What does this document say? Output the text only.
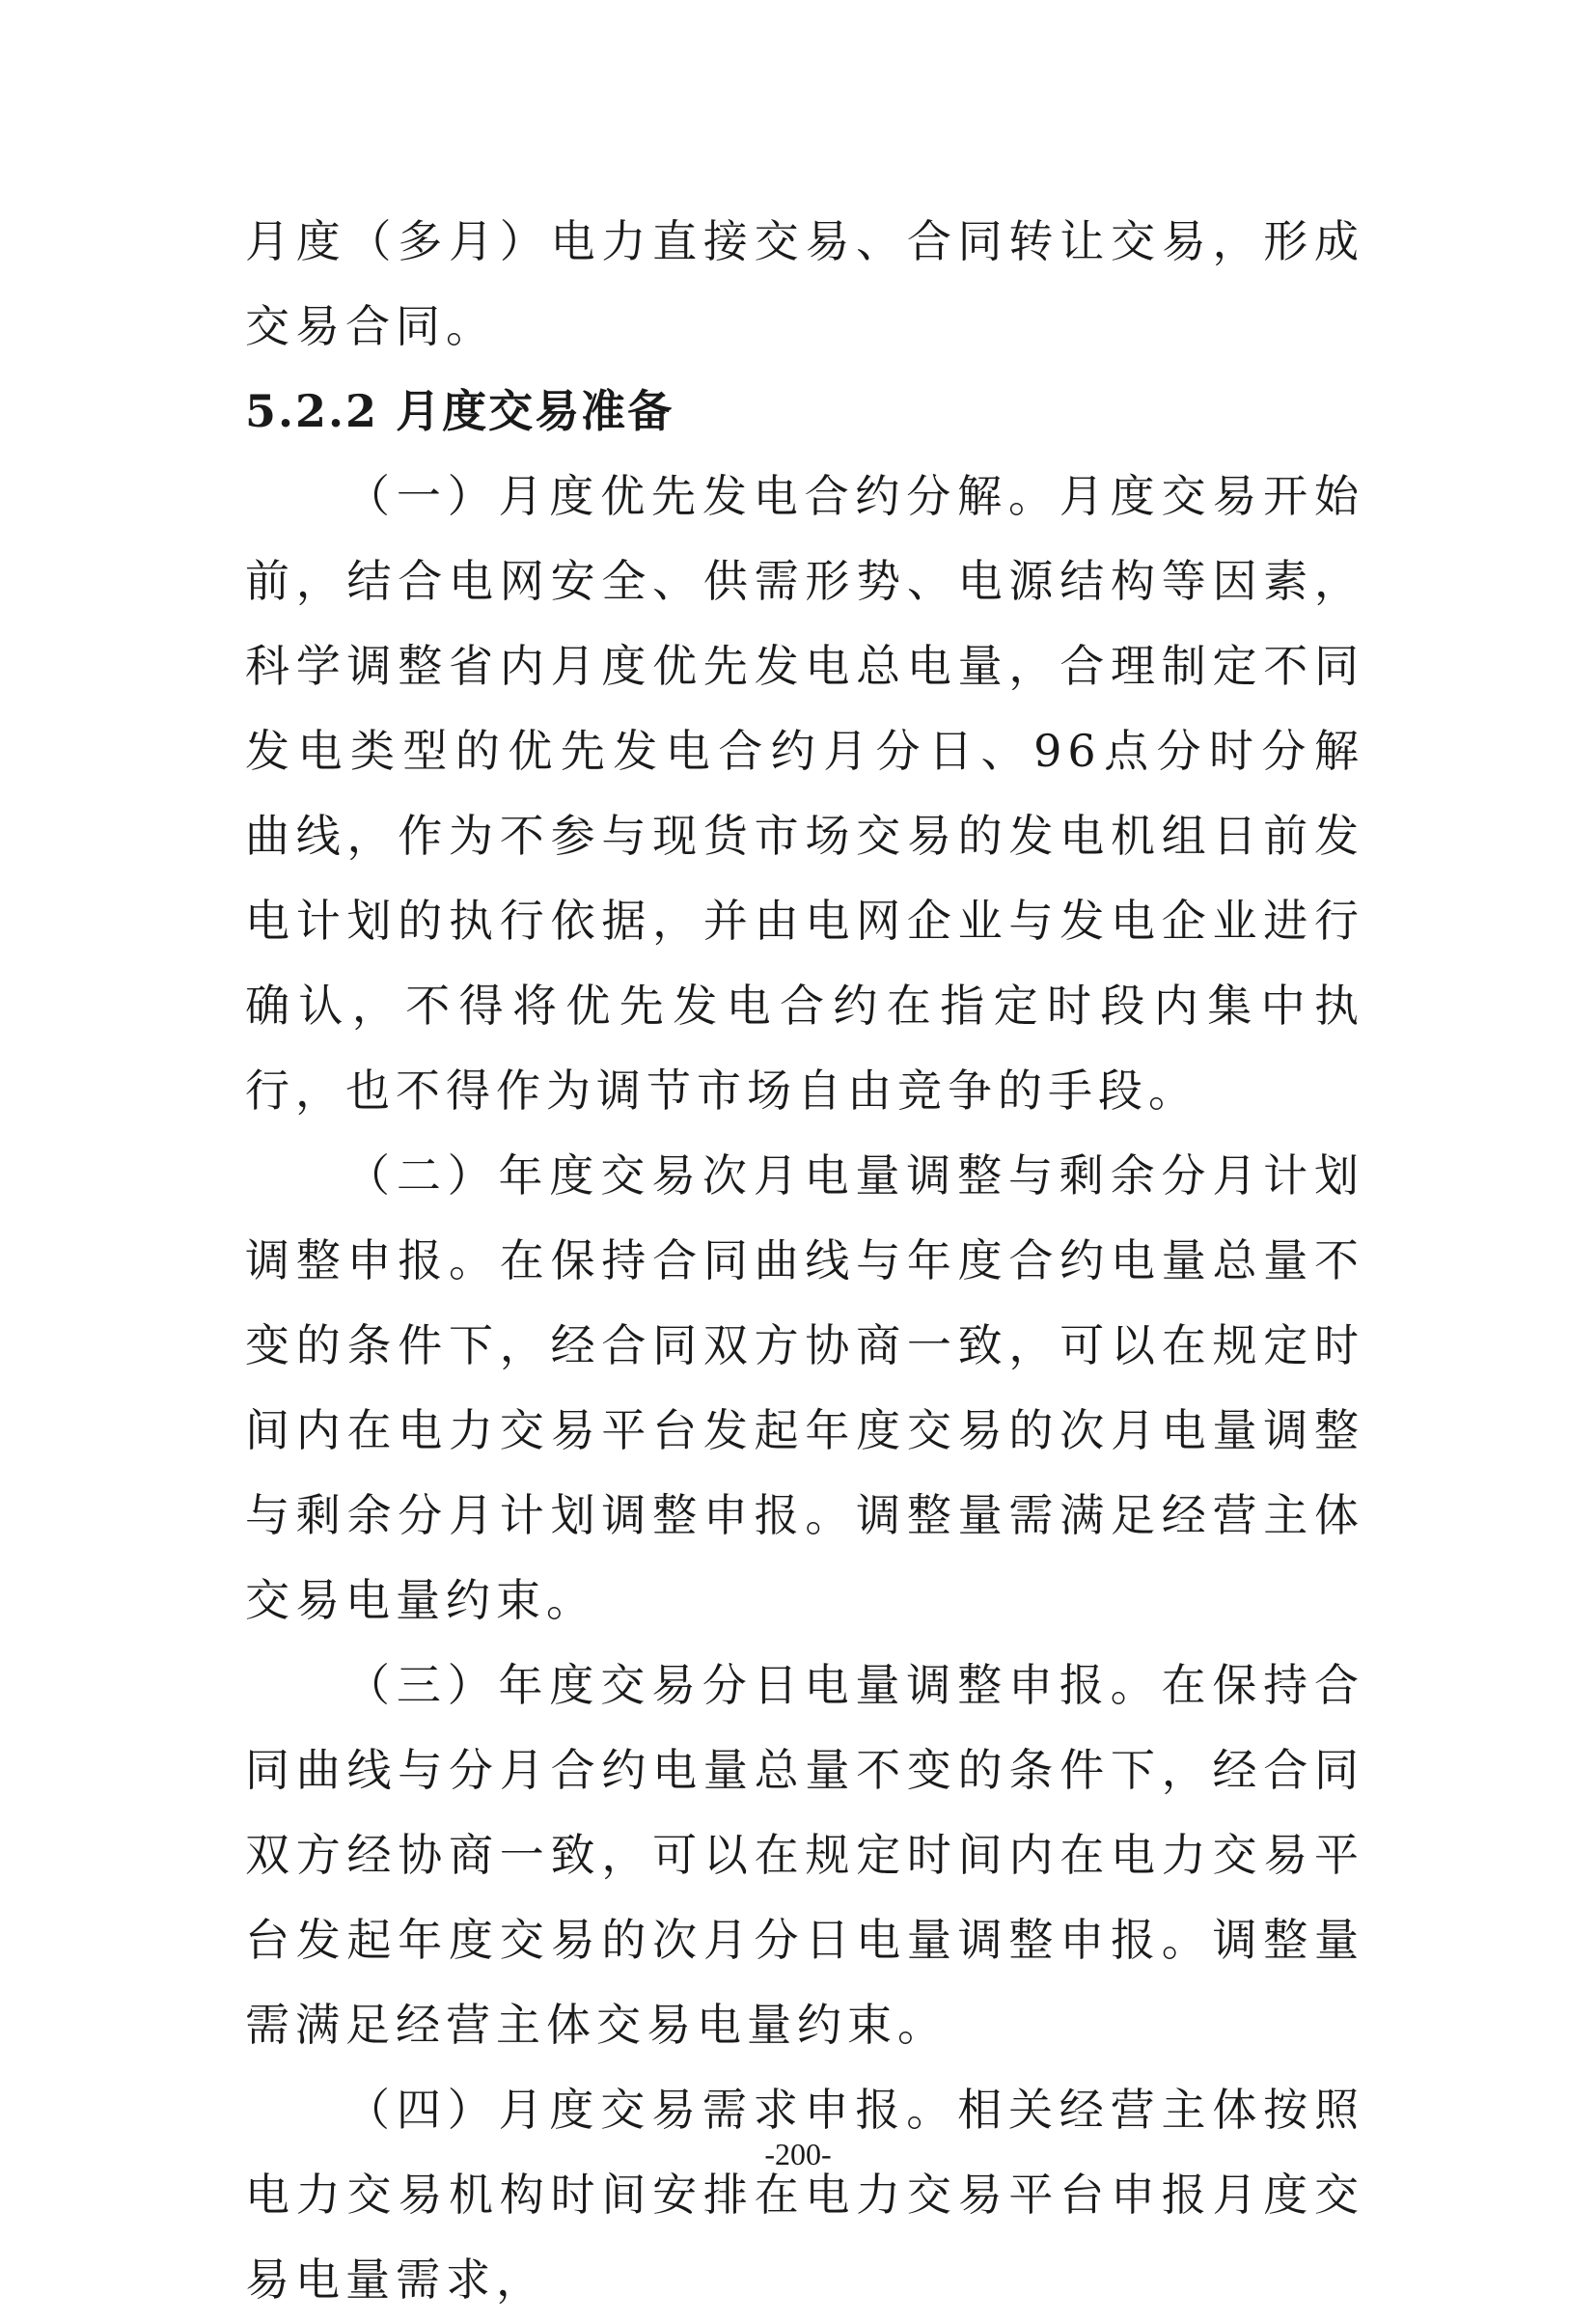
月度（多月）电力直接交易、合同转让交易，形成交易合同。

5.2.2 月度交易准备

（一）月度优先发电合约分解。月度交易开始前，结合电网安全、供需形势、电源结构等因素，科学调整省内月度优先发电总电量，合理制定不同发电类型的优先发电合约月分日、96点分时分解曲线，作为不参与现货市场交易的发电机组日前发电计划的执行依据，并由电网企业与发电企业进行确认，不得将优先发电合约在指定时段内集中执行，也不得作为调节市场自由竞争的手段。

（二）年度交易次月电量调整与剩余分月计划调整申报。在保持合同曲线与年度合约电量总量不变的条件下，经合同双方协商一致，可以在规定时间内在电力交易平台发起年度交易的次月电量调整与剩余分月计划调整申报。调整量需满足经营主体交易电量约束。

（三）年度交易分日电量调整申报。在保持合同曲线与分月合约电量总量不变的条件下，经合同双方经协商一致，可以在规定时间内在电力交易平台发起年度交易的次月分日电量调整申报。调整量需满足经营主体交易电量约束。

（四）月度交易需求申报。相关经营主体按照电力交易机构时间安排在电力交易平台申报月度交易电量需求，

-200-
